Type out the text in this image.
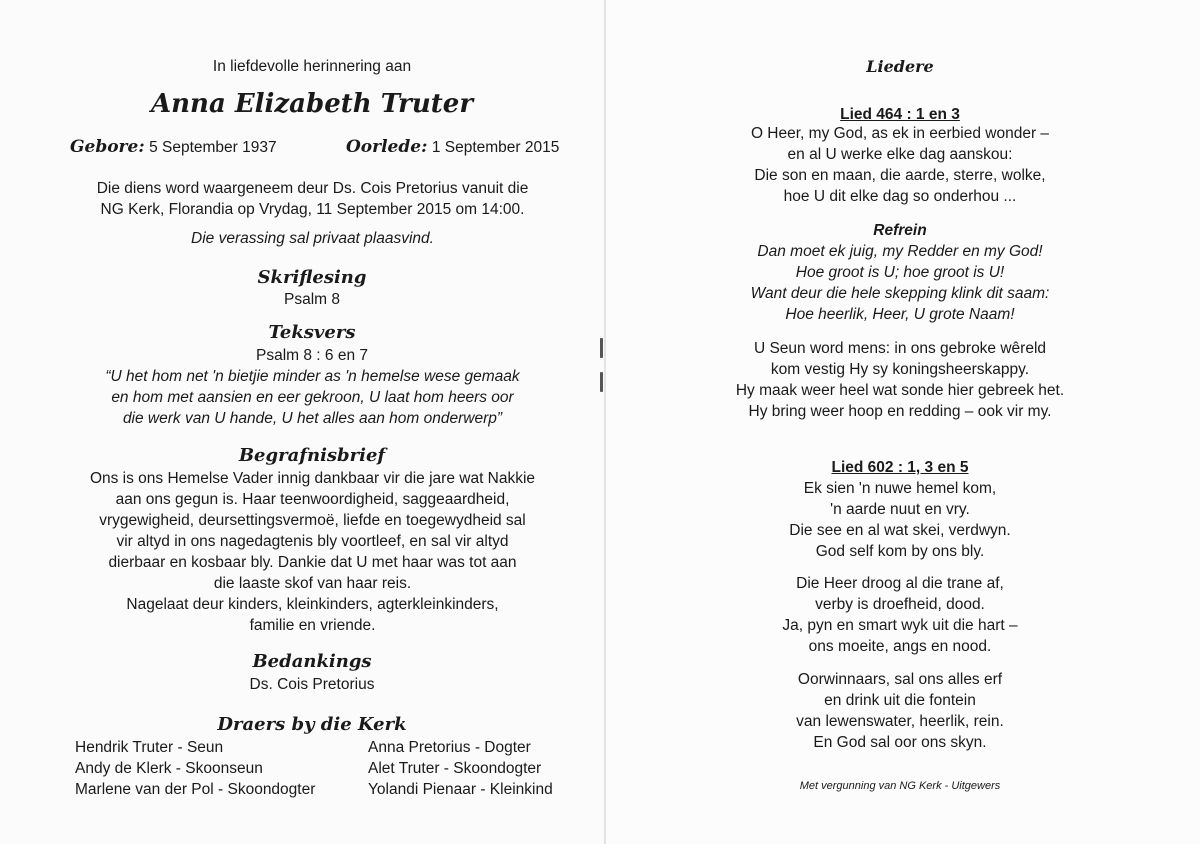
In liefdevolle herinnering aan
Anna Elizabeth Truter
Gebore: 5 September 1937	Oorlede: 1 September 2015
Die diens word waargeneem deur Ds. Cois Pretorius vanuit die
NG Kerk, Florandia op Vrydag, 11 September 2015 om 14:00.
Die verassing sal privaat plaasvind.
Skriflesing
Psalm 8
Teksvers
Psalm 8 : 6 en 7
“U het hom net 'n bietjie minder as 'n hemelse wese gemaak
en hom met aansien en eer gekroon, U laat hom heers oor
die werk van U hande, U het alles aan hom onderwerp”
Begrafnisbrief
Ons is ons Hemelse Vader innig dankbaar vir die jare wat Nakkie
aan ons gegun is. Haar teenwoordigheid, saggeaardheid,
vrygewigheid, deursettingsvermoë, liefde en toegewydheid sal
vir altyd in ons nagedagtenis bly voortleef, en sal vir altyd
dierbaar en kosbaar bly. Dankie dat U met haar was tot aan
die laaste skof van haar reis.
Nagelaat deur kinders, kleinkinders, agterkleinkinders,
familie en vriende.
Bedankings
Ds. Cois Pretorius
Draers by die Kerk
Hendrik Truter - Seun
Andy de Klerk - Skoonseun
Marlene van der Pol - Skoondogter
Anna Pretorius - Dogter
Alet Truter - Skoondogter
Yolandi Pienaar - Kleinkind
Liedere
Lied 464 : 1 en 3
O Heer, my God, as ek in eerbied wonder –
en al U werke elke dag aanskou:
Die son en maan, die aarde, sterre, wolke,
hoe U dit elke dag so onderhou ...
Refrein
Dan moet ek juig, my Redder en my God!
Hoe groot is U; hoe groot is U!
Want deur die hele skepping klink dit saam:
Hoe heerlik, Heer, U grote Naam!
U Seun word mens: in ons gebroke wêreld
kom vestig Hy sy koningsheerskappy.
Hy maak weer heel wat sonde hier gebreek het.
Hy bring weer hoop en redding – ook vir my.
Lied 602 : 1, 3 en 5
Ek sien 'n nuwe hemel kom,
'n aarde nuut en vry.
Die see en al wat skei, verdwyn.
God self kom by ons bly.
Die Heer droog al die trane af,
verby is droefheid, dood.
Ja, pyn en smart wyk uit die hart –
ons moeite, angs en nood.
Oorwinnaars, sal ons alles erf
en drink uit die fontein
van lewenswater, heerlik, rein.
En God sal oor ons skyn.
Met vergunning van NG Kerk - Uitgewers
